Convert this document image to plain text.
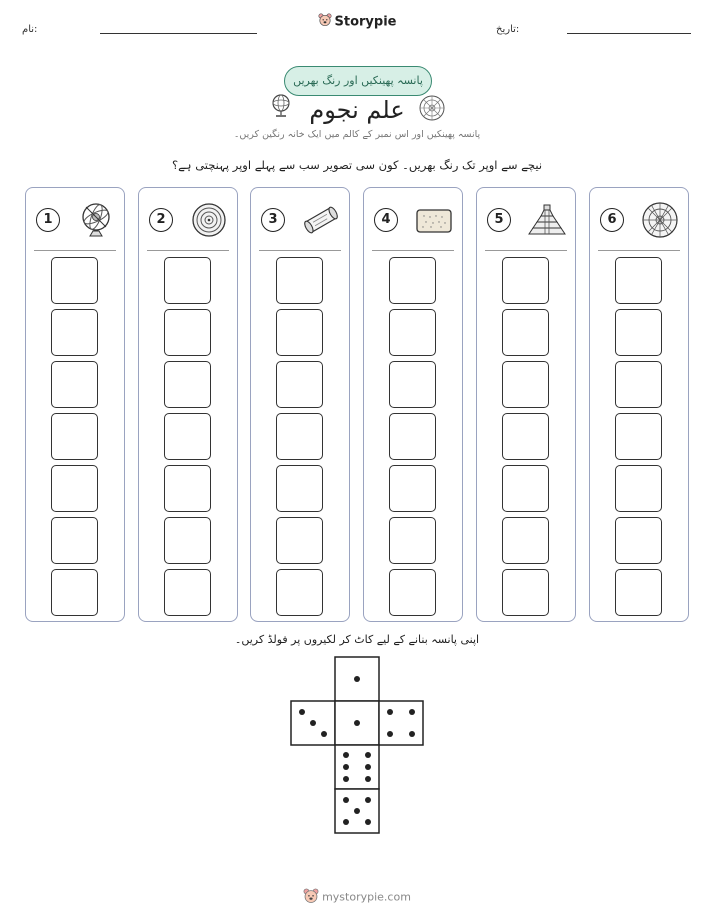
نام:	Storypie	تاریخ:
پانسہ پھینکیں اور رنگ بھریں
علم نجوم
پانسہ پھینکیں اور اس نمبر کے کالم میں ایک خانہ رنگین کریں۔
نیچے سے اوپر تک رنگ بھریں۔ کون سی تصویر سب سے پہلے اوپر پہنچتی ہے؟
1	2	3	4	5	6
اپنی پانسہ بنانے کے لیے کاٹ کر لکیروں پر فولڈ کریں۔
mystorypie.com
